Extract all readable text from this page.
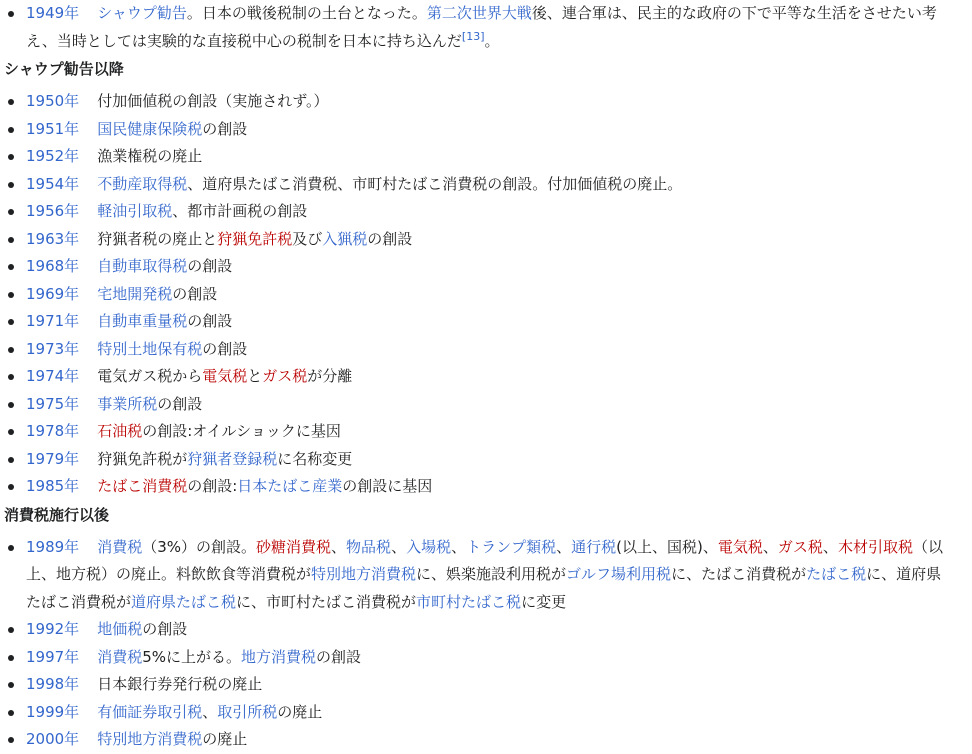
1949年 シャウプ勧告。日本の戦後税制の土台となった。第二次世界大戦後、連合軍は、民主的な政府の下で平等な生活をさせたい考え、当時としては実験的な直接税中心の税制を日本に持ち込んだ[13]。
シャウプ勧告以降
1950年 付加価値税の創設（実施されず。）
1951年 国民健康保険税の創設
1952年 漁業権税の廃止
1954年 不動産取得税、道府県たばこ消費税、市町村たばこ消費税の創設。付加価値税の廃止。
1956年 軽油引取税、都市計画税の創設
1963年 狩猟者税の廃止と狩猟免許税及び入猟税の創設
1968年 自動車取得税の創設
1969年 宅地開発税の創設
1971年 自動車重量税の創設
1973年 特別土地保有税の創設
1974年 電気ガス税から電気税とガス税が分離
1975年 事業所税の創設
1978年 石油税の創設:オイルショックに基因
1979年 狩猟免許税が狩猟者登録税に名称変更
1985年 たばこ消費税の創設:日本たばこ産業の創設に基因
消費税施行以後
1989年 消費税（3%）の創設。砂糖消費税、物品税、入場税、トランプ類税、通行税(以上、国税)、電気税、ガス税、木材引取税（以上、地方税）の廃止。料飲飲食等消費税が特別地方消費税に、娯楽施設利用税がゴルフ場利用税に、たばこ消費税がたばこ税に、道府県たばこ消費税が道府県たばこ税に、市町村たばこ消費税が市町村たばこ税に変更
1992年 地価税の創設
1997年 消費税5%に上がる。地方消費税の創設
1998年 日本銀行券発行税の廃止
1999年 有価証券取引税、取引所税の廃止
2000年 特別地方消費税の廃止
